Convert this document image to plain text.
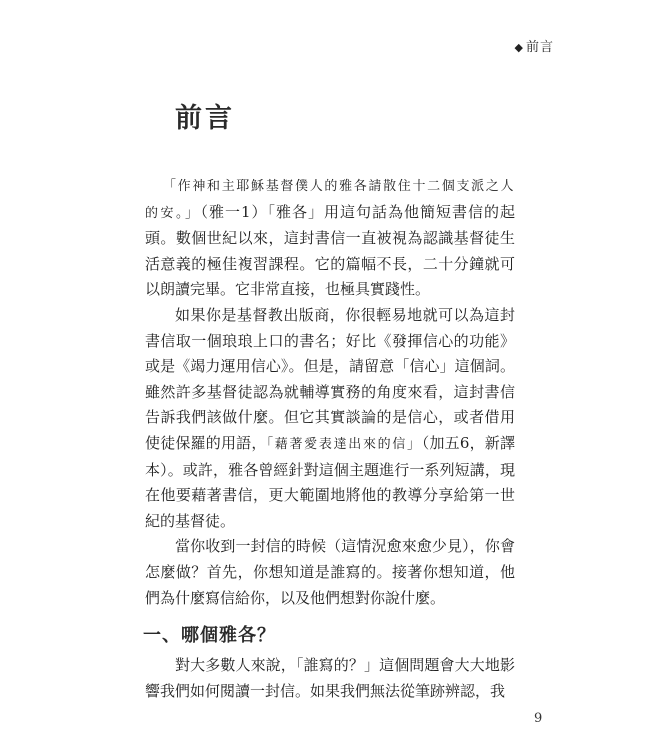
◆ 前言
前言

「作神和主耶穌基督僕人的雅各請散住十二個支派之人的安。」（雅一1）「雅各」用這句話為他簡短書信的起頭。數個世紀以來，這封書信一直被視為認識基督徒生活意義的極佳複習課程。它的篇幅不長，二十分鐘就可以朗讀完畢。它非常直接，也極具實踐性。

如果你是基督教出版商，你很輕易地就可以為這封書信取一個琅琅上口的書名；好比《發揮信心的功能》或是《竭力運用信心》。但是，請留意「信心」這個詞。雖然許多基督徒認為就輔導實務的角度來看，這封書信告訴我們該做什麼。但它其實談論的是信心，或者借用使徒保羅的用語，「藉著愛表達出來的信」（加五6，新譯本）。或許，雅各曾經針對這個主題進行一系列短講，現在他要藉著書信，更大範圍地將他的教導分享給第一世紀的基督徒。

當你收到一封信的時候（這情況愈來愈少見），你會怎麼做？首先，你想知道是誰寫的。接著你想知道，他們為什麼寫信給你，以及他們想對你說什麼。

一、哪個雅各？

對大多數人來說，「誰寫的？」這個問題會大大地影響我們如何閱讀一封信。如果我們無法從筆跡辨認，我

9
